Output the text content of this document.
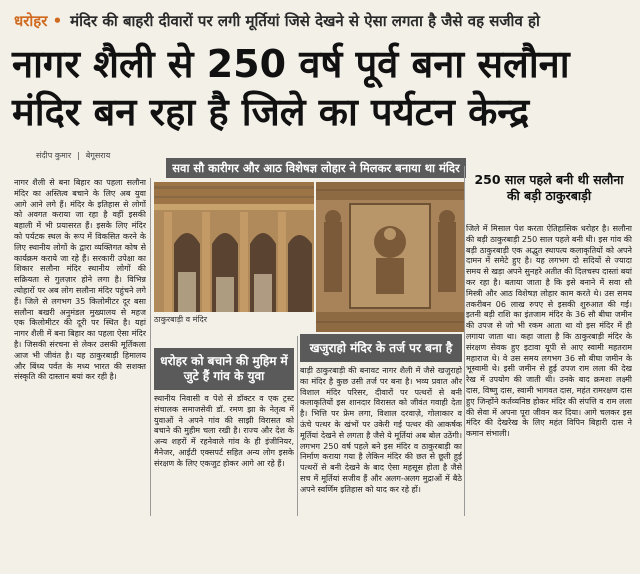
धरोहर • मंदिर की बाहरी दीवारों पर लगी मूर्तियां जिसे देखने से ऐसा लगता है जैसे वह सजीव हो
नागर शैली से 250 वर्ष पूर्व बना सलौना
मंदिर बन रहा है जिले का पर्यटन केन्द्र
संदीप कुमार | बेगूसराय
सवा सौ कारीगर और आठ विशेषज्ञ लोहार ने मिलकर बनाया था मंदिर
नागर शैली से बना बिहार का पहला सलौना मंदिर का अस्तित्व बचाने के लिए अब युवा आगे आने लगे हैं। मंदिर के इतिहास से लोगों को अवगत कराया जा रहा है वहीं इसकी बहाली में भी प्रयासरत हैं। इसके लिए मंदिर को पर्यटक स्थल के रूप में विकसित करने के लिए स्थानीय लोगों के द्वारा व्यक्तिगत कोष से कार्यक्रम कराये जा रहे हैं। सरकारी उपेक्षा का शिकार सलौना मंदिर स्थानीय लोगों की सक्रियता से गुलज़ार होने लगा है। विभिन्न त्योहारों पर अब लोग सलौना मंदिर पहुंचने लगे हैं। जिले से लगभग 35 किलोमीटर दूर बसा सलौना बखरी अनुमंडल मुख्यालय से महज एक किलोमीटर की दूरी पर स्थित है। यहां नागर शैली में बना बिहार का पहला ऐसा मंदिर है। जिसकी संरचना से लेकर उसकी मूर्तिकला आज भी जीवंत है। यह ठाकुरबाड़ी हिमालय और बिंध्य पर्वत के मध्य भारत की सशक्त संस्कृति की दास्तान बयां कर रही है।
ठाकुरबाड़ी व मंदिर
धरोहर को बचाने की मुहिम में जुटे हैं गांव के युवा
स्थानीय निवासी व पेशे से डॉक्टर व एक ट्रस्ट संचालक समाजसेवी डॉ. रमण झा के नेतृत्व में युवाओं ने अपने गांव की साझी विरासत को बचाने की मुहीम चला रखी है। राज्य और देश के अन्य शहरों में रहनेवाले गांव के ही इंजीनियर, मैनेजर, आईटी एक्सपर्ट सहित अन्य लोग इसके संरक्षण के लिए एकजुट होकर आगे आ रहे हैं।
खजुराहो मंदिर के तर्ज पर बना है
बाड़ी ठाकुरबाड़ी की बनावट नागर शैली में जैसे खजुराहो का मंदिर है कुछ उसी तर्ज पर बना है। भव्य प्रवात और विशाल मंदिर परिसर, दीवारों पर पत्थरों से बनी कलाकृतियों इस शानदार विरासत को जीवंत गवाही देता है। भित्ति पर फ्रेम लगा, विशाल दरवाज़े, गोलाकार व ऊंचे पत्थर के खंभों पर उकेरी गई पत्थर की आकर्षक मूर्तियां देखने से लगता है जैसे ये मूर्तियां अब बोल उठेंगी। लगभग 250 वर्ष पहले बने इस मंदिर व ठाकुरबाड़ी का निर्माण कराया गया है लेकिन मंदिर की छत से छूती हुई पत्थरों से बनी देखने के बाद ऐसा महसूस होता है जैसे सच में मूर्तियां सजीव हैं और अलग-अलग मुद्राओं में बैठे अपने स्वर्णिम इतिहास को याद कर रहे हों।
250 साल पहले बनी थी सलौना की बड़ी ठाकुरबाड़ी
जिले में मिसाल पेश करता ऐतिहासिक धरोहर है। सलौना की बड़ी ठाकुरबाड़ी 250 साल पहले बनी थी। इस गांव की बड़ी ठाकुरबाड़ी एक अद्भुत स्थापत्य कलाकृतियों को अपने दामन में समेटे हुए है। यह लगभग दो सदियों से ज्यादा समय से खड़ा अपने सुनहरे अतीत की दिलचस्प दास्तां बयां कर रहा है। बताया जाता है कि इसे बनाने में सवा सौ मिस्त्री और आठ विशेषज्ञ लोहार काम करते थे। उस समय तकरीबन 06 लाख रुपए से इसकी शुरुआत की गई। इतनी बड़ी राशि का इंतजाम मंदिर के 36 सौ बीघा जमीन की उपज से जो भी रकम आता था वो इस मंदिर में ही लगाया जाता था। कहा जाता है कि ठाकुरबाड़ी मंदिर के संरक्षण सेवक हुए इटावा यूपी से आए स्वामी महतराम महाराज थे। वे उस समय लगभग 36 सौ बीघा जमीन के भूस्वामी थे। इसी जमीन से हुई उपज राम लला की देख रेख में उपयोग की जाती थी। उनके बाद क्रमशः लक्ष्मी दास, विष्णु दास, स्वामी भागवत दास, महंत रामरक्षण दास हुए जिन्होंने कर्तव्यनिष्ठ होकर मंदिर की संपत्ति व राम लला की सेवा में अपना पूरा जीवन कर दिया। आगे चलकर इस मंदिर की देखरेख के लिए महंत विपिन बिहारी दास ने कमान संभाली।
